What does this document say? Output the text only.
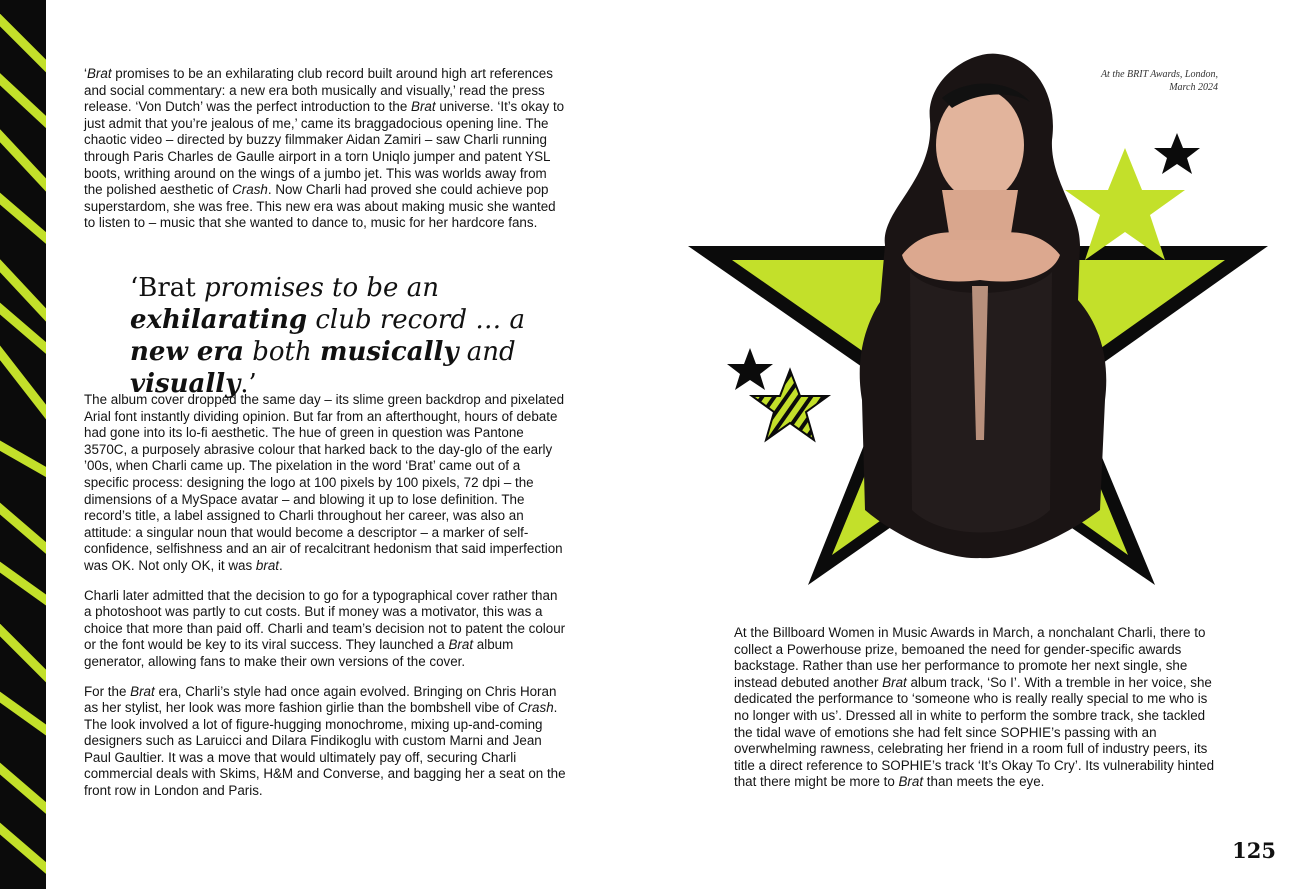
‘Brat promises to be an exhilarating club record built around high art references and social commentary: a new era both musically and visually,’ read the press release. ‘Von Dutch’ was the perfect introduction to the Brat universe. ‘It’s okay to just admit that you’re jealous of me,’ came its braggadocious opening line. The chaotic video – directed by buzzy filmmaker Aidan Zamiri – saw Charli running through Paris Charles de Gaulle airport in a torn Uniqlo jumper and patent YSL boots, writhing around on the wings of a jumbo jet. This was worlds away from the polished aesthetic of Crash. Now Charli had proved she could achieve pop superstardom, she was free. This new era was about making music she wanted to listen to – music that she wanted to dance to, music for her hardcore fans.

‘Brat promises to be an exhilarating club record … a new era both musically and visually.’

The album cover dropped the same day – its slime green backdrop and pixelated Arial font instantly dividing opinion. But far from an afterthought, hours of debate had gone into its lo-fi aesthetic. The hue of green in question was Pantone 3570C, a purposely abrasive colour that harked back to the day-glo of the early ’00s, when Charli came up. The pixelation in the word ‘Brat’ came out of a specific process: designing the logo at 100 pixels by 100 pixels, 72 dpi – the dimensions of a MySpace avatar – and blowing it up to lose definition. The record’s title, a label assigned to Charli throughout her career, was also an attitude: a singular noun that would become a descriptor – a marker of self-confidence, selfishness and an air of recalcitrant hedonism that said imperfection was OK. Not only OK, it was brat.

Charli later admitted that the decision to go for a typographical cover rather than a photoshoot was partly to cut costs. But if money was a motivator, this was a choice that more than paid off. Charli and team’s decision not to patent the colour or the font would be key to its viral success. They launched a Brat album generator, allowing fans to make their own versions of the cover.

For the Brat era, Charli’s style had once again evolved. Bringing on Chris Horan as her stylist, her look was more fashion girlie than the bombshell vibe of Crash. The look involved a lot of figure-hugging monochrome, mixing up-and-coming designers such as Laruicci and Dilara Findikoglu with custom Marni and Jean Paul Gaultier. It was a move that would ultimately pay off, securing Charli commercial deals with Skims, H&M and Converse, and bagging her a seat on the front row in London and Paris.

At the BRIT Awards, London,
March 2024

At the Billboard Women in Music Awards in March, a nonchalant Charli, there to collect a Powerhouse prize, bemoaned the need for gender-specific awards backstage. Rather than use her performance to promote her next single, she instead debuted another Brat album track, ‘So I’. With a tremble in her voice, she dedicated the performance to ‘someone who is really really special to me who is no longer with us’. Dressed all in white to perform the sombre track, she tackled the tidal wave of emotions she had felt since SOPHIE’s passing with an overwhelming rawness, celebrating her friend in a room full of industry peers, its title a direct reference to SOPHIE’s track ‘It’s Okay To Cry’. Its vulnerability hinted that there might be more to Brat than meets the eye.

125
